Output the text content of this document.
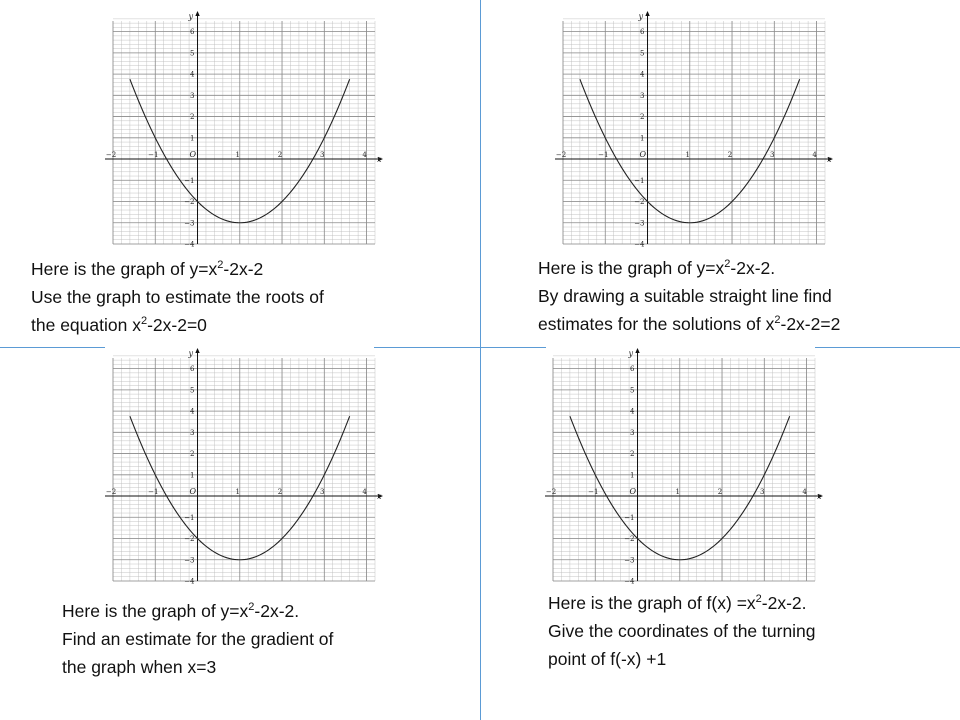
x
y
O
−2	−1	1	2	3	4
−4
−3
−2
−1
1
2
3
4
5
6
x
y
O
−2	−1	1	2	3	4
−4
−3
−2
−1
1
2
3
4
5
6
x
y
O
−2	−1	1	2	3	4
−4
−3
−2
−1
1
2
3
4
5
6
x
y
O
−2	−1	1	2	3	4
−4
−3
−2
−1
1
2
3
4
5
6
Here is the graph of $y=x^2-2x-2$
Use the graph to estimate the roots of
the equation $x^2-2x-2=0$
Here is the graph of $y=x^2-2x-2$.
By drawing a suitable straight line find
estimates for the solutions of $x^2-2x-2=2$
Here is the graph of $y=x^2-2x-2$.
Find an estimate for the gradient of
the graph when x=3
Here is the graph of $f(x) =x^2-2x-2$.
Give the coordinates of the turning
point of f(-x) +1
